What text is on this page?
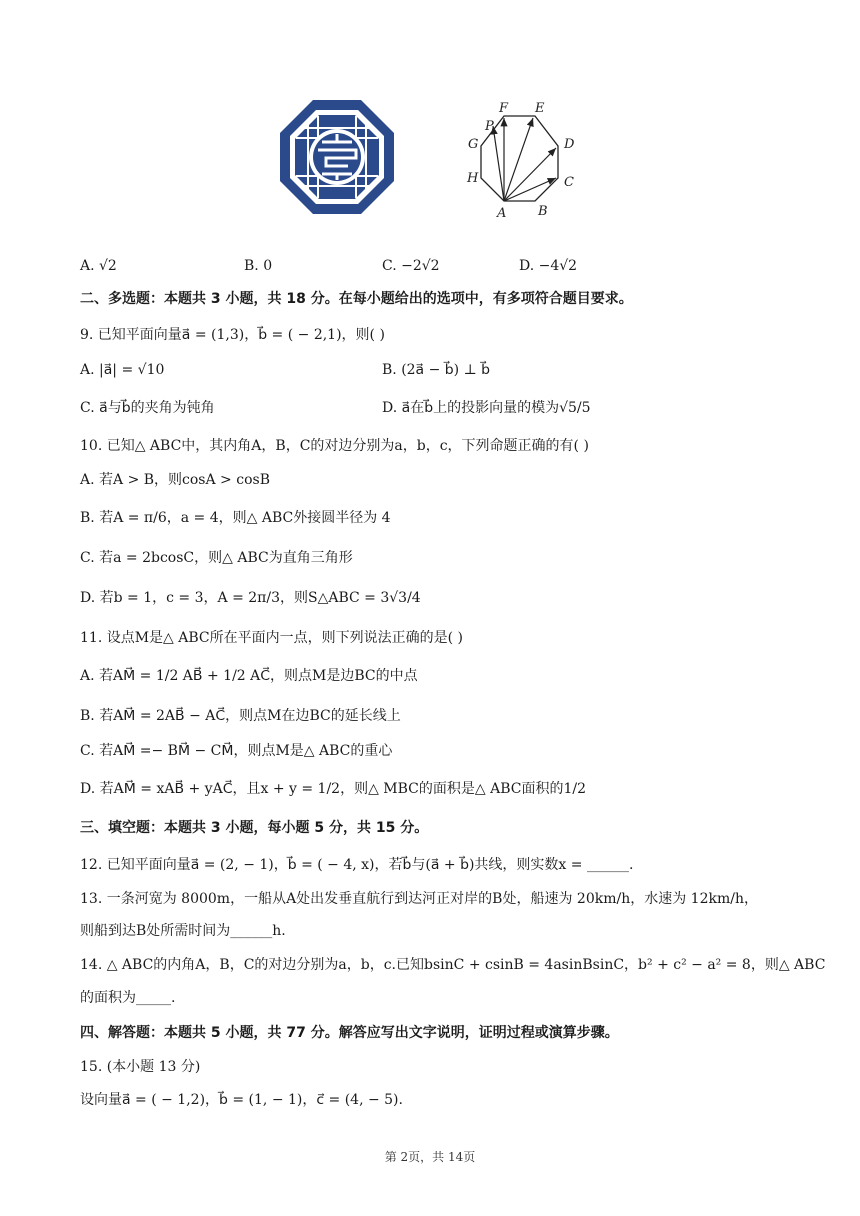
P
F E
G	D
H	C
A B
A. √2	B. 0	C. −2√2	D. −4√2
二、多选题：本题共 3 小题，共 18 分。在每小题给出的选项中，有多项符合题目要求。
9. 已知平面向量a⃗ = (1,3)，b⃗ = ( − 2,1)，则( )
A. |a⃗| = √10	B. (2a⃗ − b⃗) ⊥ b⃗
C. a⃗与b⃗的夹角为钝角	D. a⃗在b⃗上的投影向量的模为√5/5
10. 已知△ ABC中，其内角A，B，C的对边分别为a，b，c，下列命题正确的有( )
A. 若A > B，则cosA > cosB
B. 若A = π/6，a = 4，则△ ABC外接圆半径为 4
C. 若a = 2bcosC，则△ ABC为直角三角形
D. 若b = 1，c = 3，A = 2π/3，则S△ABC = 3√3/4
11. 设点M是△ ABC所在平面内一点，则下列说法正确的是( )
A. 若AM⃗ = 1/2 AB⃗ + 1/2 AC⃗，则点M是边BC的中点
B. 若AM⃗ = 2AB⃗ − AC⃗，则点M在边BC的延长线上
C. 若AM⃗ =− BM⃗ − CM⃗，则点M是△ ABC的重心
D. 若AM⃗ = xAB⃗ + yAC⃗，且x + y = 1/2，则△ MBC的面积是△ ABC面积的1/2
三、填空题：本题共 3 小题，每小题 5 分，共 15 分。
12. 已知平面向量a⃗ = (2, − 1)，b⃗ = ( − 4, x)，若b⃗与(a⃗ + b⃗)共线，则实数x = ______.
13. 一条河宽为 8000m，一船从A处出发垂直航行到达河正对岸的B处，船速为 20km/h，水速为 12km/h，
则船到达B处所需时间为______h.
14. △ ABC的内角A，B，C的对边分别为a，b，c.已知bsinC + csinB = 4asinBsinC，b² + c² − a² = 8，则△ ABC
的面积为_____.
四、解答题：本题共 5 小题，共 77 分。解答应写出文字说明，证明过程或演算步骤。
15. (本小题 13 分)
设向量a⃗ = ( − 1,2)，b⃗ = (1, − 1)，c⃗ = (4, − 5).
第 2页，共 14页
